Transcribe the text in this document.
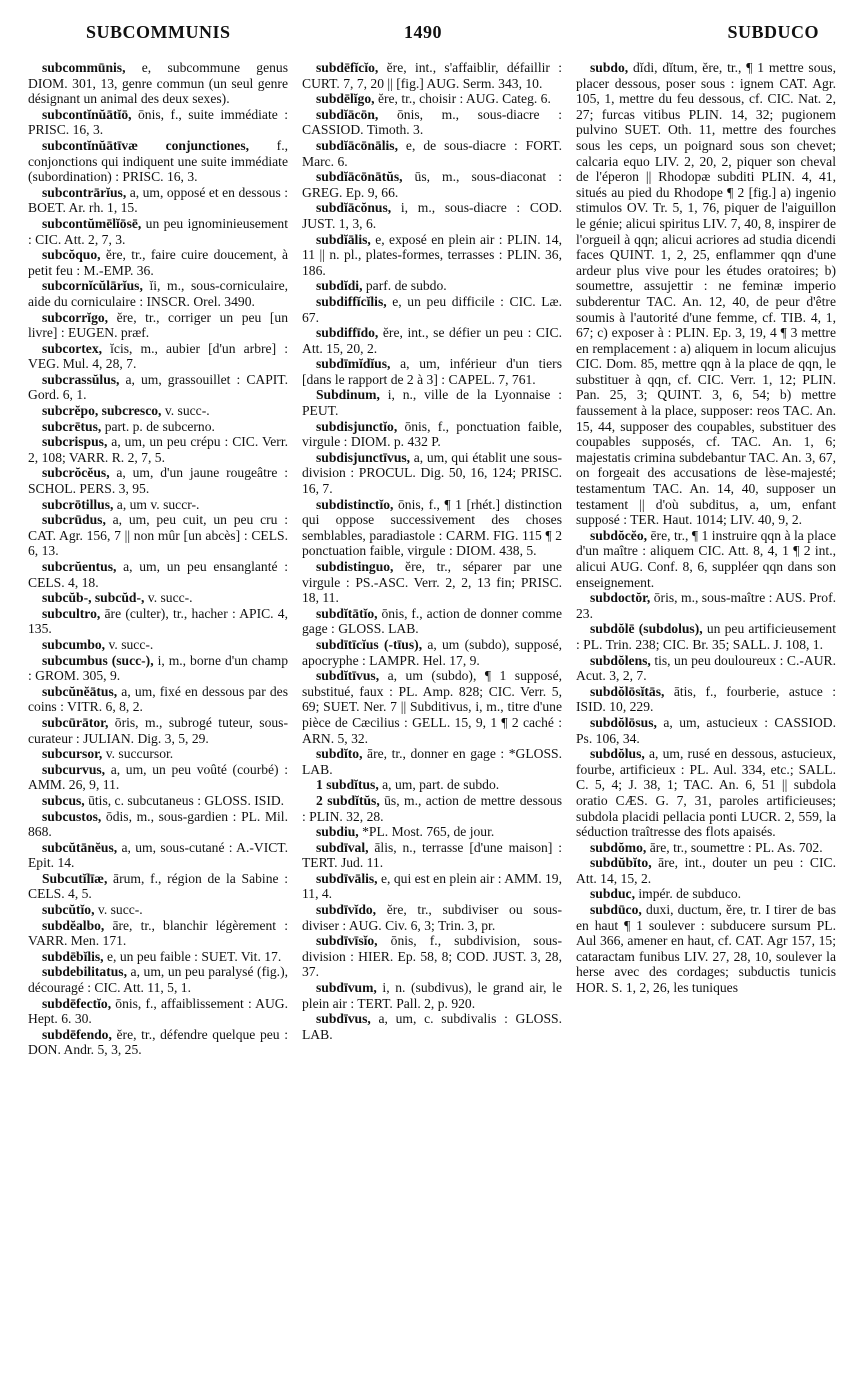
SUBCOMMUNIS	1490	SUBDUCO

subcommūnis, e, subcommune genus DIOM. 301, 13, genre commun (un seul genre désignant un animal des deux sexes).

subcontĭnŭātĭō, ōnis, f., suite immédiate : PRISC. 16, 3.

subcontĭnŭātīvæ conjunctiones, f., conjonctions qui indiquent une suite immédiate (subordination) : PRISC. 16, 3.

subcontrārĭus, a, um, opposé et en dessous : BOET. Ar. rh. 1, 15.

subcontŭmēlĭōsē, un peu ignominieusement : CIC. Att. 2, 7, 3.

subcŏquo, ĕre, tr., faire cuire doucement, à petit feu : M.-EMP. 36.

subcornĭcŭlārĭus, ĭi, m., sous-corniculaire, aide du corniculaire : INSCR. Orel. 3490.

subcorrĭgo, ĕre, tr., corriger un peu [un livre] : EUGEN. præf.

subcortex, ĭcis, m., aubier [d'un arbre] : VEG. Mul. 4, 28, 7.

subcrassŭlus, a, um, grassouillet : CAPIT. Gord. 6, 1.

subcrĕpo, subcresco, v. succ-.

subcrētus, part. p. de subcerno.

subcrispus, a, um, un peu crépu : CIC. Verr. 2, 108; VARR. R. 2, 7, 5.

subcrŏcĕus, a, um, d'un jaune rougeâtre : SCHOL. PERS. 3, 95.

subcrōtillus, a, um v. succr-.

subcrūdus, a, um, peu cuit, un peu cru : CAT. Agr. 156, 7 || non mûr [un abcès] : CELS. 6, 13.

subcrŭentus, a, um, un peu ensanglanté : CELS. 4, 18.

subcŭb-, subcŭd-, v. succ-.

subcultro, āre (culter), tr., hacher : APIC. 4, 135.

subcumbo, v. succ-.

subcumbus (succ-), i, m., borne d'un champ : GROM. 305, 9.

subcŭnĕātus, a, um, fixé en dessous par des coins : VITR. 6, 8, 2.

subcūrātor, ōris, m., subrogé tuteur, sous-curateur : JULIAN. Dig. 3, 5, 29.

subcursor, v. succursor.

subcurvus, a, um, un peu voûté (courbé) : AMM. 26, 9, 11.

subcus, ūtis, c. subcutaneus : GLOSS. ISID.

subcustos, ōdis, m., sous-gardien : PL. Mil. 868.

subcŭtānĕus, a, um, sous-cutané : A.-VICT. Epit. 14.

Subcutĭlīæ, ārum, f., région de la Sabine : CELS. 4, 5.

subcŭtĭo, v. succ-.

subdĕalbo, āre, tr., blanchir légèrement : VARR. Men. 171.

subdēbĭlis, e, un peu faible : SUET. Vit. 17.

subdebilitatus, a, um, un peu paralysé (fig.), découragé : CIC. Att. 11, 5, 1.

subdēfectĭo, ōnis, f., affaiblissement : AUG. Hept. 6. 30.

subdēfendo, ĕre, tr., défendre quelque peu : DON. Andr. 5, 3, 25.

subdēfĭcĭo, ĕre, int., s'affaiblir, défaillir : CURT. 7, 7, 20 || [fig.] AUG. Serm. 343, 10.

subdēlĭgo, ĕre, tr., choisir : AUG. Categ. 6.

subdĭācōn, ōnis, m., sous-diacre : CASSIOD. Timoth. 3.

subdĭācōnālis, e, de sous-diacre : FORT. Marc. 6.

subdĭācōnātŭs, ūs, m., sous-diaconat : GREG. Ep. 9, 66.

subdĭācŏnus, i, m., sous-diacre : COD. JUST. 1, 3, 6.

subdĭālis, e, exposé en plein air : PLIN. 14, 11 || n. pl., plates-formes, terrasses : PLIN. 36, 186.

subdĭdi, parf. de subdo.

subdiffĭcĭlis, e, un peu difficile : CIC. Læ. 67.

subdiffīdo, ĕre, int., se défier un peu : CIC. Att. 15, 20, 2.

subdīmĭdĭus, a, um, inférieur d'un tiers [dans le rapport de 2 à 3] : CAPEL. 7, 761.

Subdinum, i, n., ville de la Lyonnaise : PEUT.

subdisjunctĭo, ōnis, f., ponctuation faible, virgule : DIOM. p. 432 P.

subdisjunctīvus, a, um, qui établit une sous-division : PROCUL. Dig. 50, 16, 124; PRISC. 16, 7.

subdistinctĭo, ōnis, f., ¶ 1 [rhét.] distinction qui oppose successivement des choses semblables, paradiastole : CARM. FIG. 115 ¶ 2 ponctuation faible, virgule : DIOM. 438, 5.

subdistinguo, ĕre, tr., séparer par une virgule : PS.-ASC. Verr. 2, 2, 13 fin; PRISC. 18, 11.

subdĭtātĭo, ōnis, f., action de donner comme gage : GLOSS. LAB.

subdītīcĭus (-tīus), a, um (subdo), supposé, apocryphe : LAMPR. Hel. 17, 9.

subdĭtīvus, a, um (subdo), ¶ 1 supposé, substitué, faux : PL. Amp. 828; CIC. Verr. 5, 69; SUET. Ner. 7 || Subditivus, i, m., titre d'une pièce de Cæcilius : GELL. 15, 9, 1 ¶ 2 caché : ARN. 5, 32.

subdĭto, āre, tr., donner en gage : *GLOSS. LAB.

1 subdĭtus, a, um, part. de subdo.

2 subdĭtŭs, ūs, m., action de mettre dessous : PLIN. 32, 28.

subdiu, *PL. Most. 765, de jour.

subdīval, ālis, n., terrasse [d'une maison] : TERT. Jud. 11.

subdīvālis, e, qui est en plein air : AMM. 19, 11, 4.

subdīvĭdo, ĕre, tr., subdiviser ou sous-diviser : AUG. Civ. 6, 3; Trin. 3, pr.

subdīvīsĭo, ōnis, f., subdivision, sous-division : HIER. Ep. 58, 8; COD. JUST. 3, 28, 37.

subdīvum, i, n. (subdivus), le grand air, le plein air : TERT. Pall. 2, p. 920.

subdīvus, a, um, c. subdivalis : GLOSS. LAB.

subdo, dĭdi, dĭtum, ĕre, tr., ¶ 1 mettre sous, placer dessous, poser sous : ignem CAT. Agr. 105, 1, mettre du feu dessous, cf. CIC. Nat. 2, 27; furcas vitibus PLIN. 14, 32; pugionem pulvino SUET. Oth. 11, mettre des fourches sous les ceps, un poignard sous son chevet; calcaria equo LIV. 2, 20, 2, piquer son cheval de l'éperon || Rhodopæ subditi PLIN. 4, 41, situés au pied du Rhodope ¶ 2 [fig.] a) ingenio stimulos OV. Tr. 5, 1, 76, piquer de l'aiguillon le génie; alicui spiritus LIV. 7, 40, 8, inspirer de l'orgueil à qqn; alicui acriores ad studia dicendi faces QUINT. 1, 2, 25, enflammer qqn d'une ardeur plus vive pour les études oratoires; b) soumettre, assujettir : ne feminæ imperio subderentur TAC. An. 12, 40, de peur d'être soumis à l'autorité d'une femme, cf. TIB. 4, 1, 67; c) exposer à : PLIN. Ep. 3, 19, 4 ¶ 3 mettre en remplacement : a) aliquem in locum alicujus CIC. Dom. 85, mettre qqn à la place de qqn, le substituer à qqn, cf. CIC. Verr. 1, 12; PLIN. Pan. 25, 3; QUINT. 3, 6, 54; b) mettre faussement à la place, supposer: reos TAC. An. 15, 44, supposer des coupables, substituer des coupables supposés, cf. TAC. An. 1, 6; majestatis crimina subdebantur TAC. An. 3, 67, on forgeait des accusations de lèse-majesté; testamentum TAC. An. 14, 40, supposer un testament || d'où subditus, a, um, enfant supposé : TER. Haut. 1014; LIV. 40, 9, 2.

subdŏcĕo, ēre, tr., ¶ 1 instruire qqn à la place d'un maître : aliquem CIC. Att. 8, 4, 1 ¶ 2 int., alicui AUG. Conf. 8, 6, suppléer qqn dans son enseignement.

subdoctŏr, ōris, m., sous-maître : AUS. Prof. 23.

subdŏlē (subdolus), un peu artificieusement : PL. Trin. 238; CIC. Br. 35; SALL. J. 108, 1.

subdŏlens, tis, un peu douloureux : C.-AUR. Acut. 3, 2, 7.

subdŏlōsĭtās, ātis, f., fourberie, astuce : ISID. 10, 229.

subdŏlōsus, a, um, astucieux : CASSIOD. Ps. 106, 34.

subdŏlus, a, um, rusé en dessous, astucieux, fourbe, artificieux : PL. Aul. 334, etc.; SALL. C. 5, 4; J. 38, 1; TAC. An. 6, 51 || subdola oratio CÆS. G. 7, 31, paroles artificieuses; subdola placidi pellacia ponti LUCR. 2, 559, la séduction traîtresse des flots apaisés.

subdŏmo, āre, tr., soumettre : PL. As. 702.

subdŭbĭto, āre, int., douter un peu : CIC. Att. 14, 15, 2.

subduc, impér. de subduco.

subdūco, duxi, ductum, ĕre, tr. I tirer de bas en haut ¶ 1 soulever : subducere sursum PL. Aul 366, amener en haut, cf. CAT. Agr 157, 15; cataractam funibus LIV. 27, 28, 10, soulever la herse avec des cordages; subductis tunicis HOR. S. 1, 2, 26, les tuniques
